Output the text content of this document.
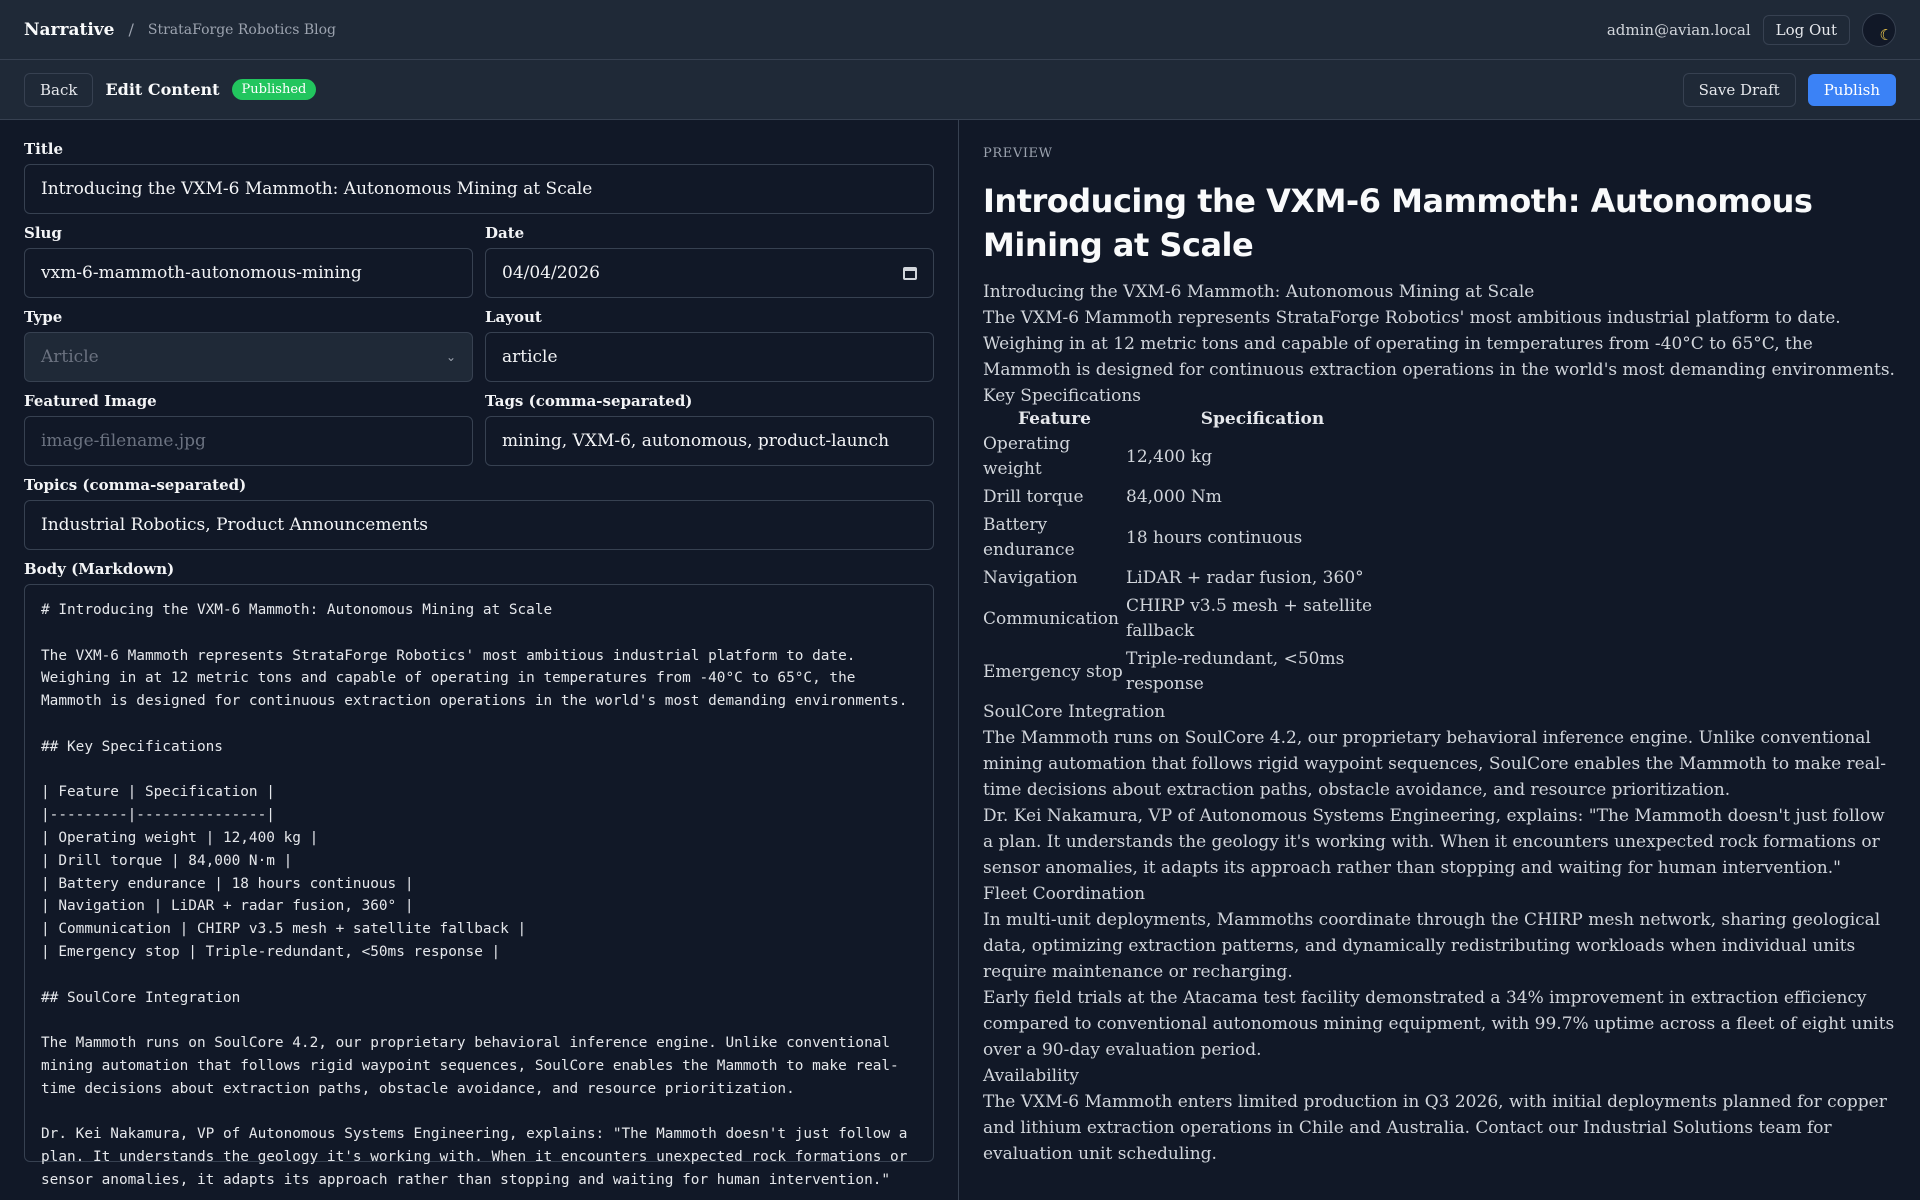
Narrative / StrataForge Robotics Blog	admin@avian.local	Log Out	☾
Back	Edit Content	Published	Save Draft	Publish
Title
Introducing the VXM-6 Mammoth: Autonomous Mining at Scale
Slug
vxm-6-mammoth-autonomous-mining
Date
04/04/2026
Type
Article	⌄
Layout
article
Featured Image
image-filename.jpg
Tags (comma-separated)
mining, VXM-6, autonomous, product-launch
Topics (comma-separated)
Industrial Robotics, Product Announcements
Body (Markdown)
# Introducing the VXM-6 Mammoth: Autonomous Mining at Scale

The VXM-6 Mammoth represents StrataForge Robotics' most ambitious industrial platform to date. Weighing in at 12 metric tons and capable of operating in temperatures from -40°C to 65°C, the Mammoth is designed for continuous extraction operations in the world's most demanding environments.

## Key Specifications

| Feature | Specification |
|---------|---------------|
| Operating weight | 12,400 kg |
| Drill torque | 84,000 N·m |
| Battery endurance | 18 hours continuous |
| Navigation | LiDAR + radar fusion, 360° |
| Communication | CHIRP v3.5 mesh + satellite fallback |
| Emergency stop | Triple-redundant, <50ms response |

## SoulCore Integration

The Mammoth runs on SoulCore 4.2, our proprietary behavioral inference engine. Unlike conventional mining automation that follows rigid waypoint sequences, SoulCore enables the Mammoth to make real-time decisions about extraction paths, obstacle avoidance, and resource prioritization.

Dr. Kei Nakamura, VP of Autonomous Systems Engineering, explains: "The Mammoth doesn't just follow a plan. It understands the geology it's working with. When it encounters unexpected rock formations or sensor anomalies, it adapts its approach rather than stopping and waiting for human intervention."
PREVIEW
Introducing the VXM-6 Mammoth: Autonomous Mining at Scale

Introducing the VXM-6 Mammoth: Autonomous Mining at Scale

The VXM-6 Mammoth represents StrataForge Robotics' most ambitious industrial platform to date. Weighing in at 12 metric tons and capable of operating in temperatures from -40°C to 65°C, the Mammoth is designed for continuous extraction operations in the world's most demanding environments.

Key Specifications

Feature	Specification
Operating weight	12,400 kg
Drill torque	84,000 Nm
Battery endurance	18 hours continuous
Navigation	LiDAR + radar fusion, 360°
Communication	CHIRP v3.5 mesh + satellite fallback
Emergency stop	Triple-redundant, <50ms response

SoulCore Integration

The Mammoth runs on SoulCore 4.2, our proprietary behavioral inference engine. Unlike conventional mining automation that follows rigid waypoint sequences, SoulCore enables the Mammoth to make real-time decisions about extraction paths, obstacle avoidance, and resource prioritization.

Dr. Kei Nakamura, VP of Autonomous Systems Engineering, explains: "The Mammoth doesn't just follow a plan. It understands the geology it's working with. When it encounters unexpected rock formations or sensor anomalies, it adapts its approach rather than stopping and waiting for human intervention."

Fleet Coordination

In multi-unit deployments, Mammoths coordinate through the CHIRP mesh network, sharing geological data, optimizing extraction patterns, and dynamically redistributing workloads when individual units require maintenance or recharging.

Early field trials at the Atacama test facility demonstrated a 34% improvement in extraction efficiency compared to conventional autonomous mining equipment, with 99.7% uptime across a fleet of eight units over a 90-day evaluation period.

Availability

The VXM-6 Mammoth enters limited production in Q3 2026, with initial deployments planned for copper and lithium extraction operations in Chile and Australia. Contact our Industrial Solutions team for evaluation unit scheduling.
